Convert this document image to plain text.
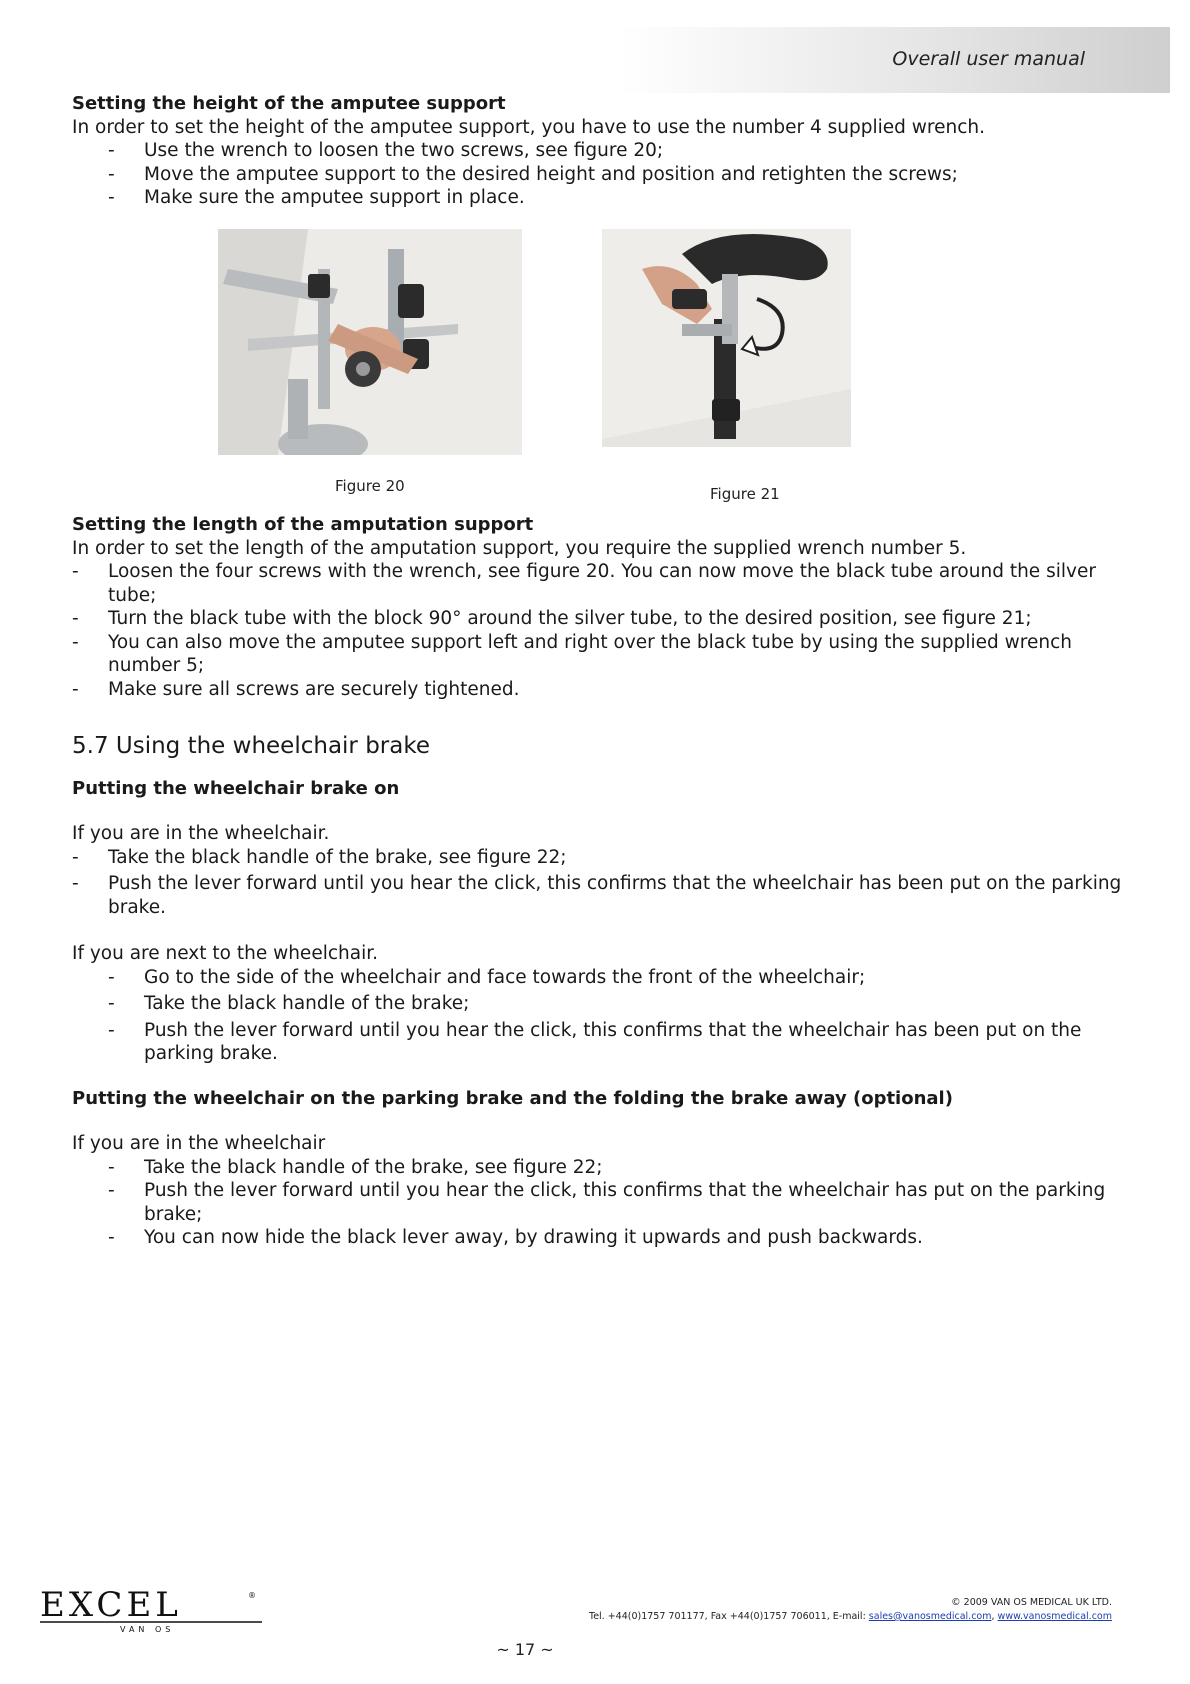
Overall user manual
Setting the height of the amputee support

In order to set the height of the amputee support, you have to use the number 4 supplied wrench.

- Use the wrench to loosen the two screws, see figure 20;
- Move the amputee support to the desired height and position and retighten the screws;
- Make sure the amputee support in place.
Figure 20	Figure 21
Setting the length of the amputation support

In order to set the length of the amputation support, you require the supplied wrench number 5.

- Loosen the four screws with the wrench, see figure 20. You can now move the black tube around the silver tube;
- Turn the black tube with the block 90° around the silver tube, to the desired position, see figure 21;
- You can also move the amputee support left and right over the black tube by using the supplied wrench number 5;
- Make sure all screws are securely tightened.
5.7 Using the wheelchair brake
Putting the wheelchair brake on

If you are in the wheelchair.

- Take the black handle of the brake, see figure 22;
- Push the lever forward until you hear the click, this confirms that the wheelchair has been put on the parking brake.

If you are next to the wheelchair.

- Go to the side of the wheelchair and face towards the front of the wheelchair;
- Take the black handle of the brake;
- Push the lever forward until you hear the click, this confirms that the wheelchair has been put on the parking brake.
Putting the wheelchair on the parking brake and the folding the brake away (optional)

If you are in the wheelchair

- Take the black handle of the brake, see figure 22;
- Push the lever forward until you hear the click, this confirms that the wheelchair has put on the parking brake;
- You can now hide the black lever away, by drawing it upwards and push backwards.
EXCEL	®
VAN OS
© 2009 VAN OS MEDICAL UK LTD.
Tel. +44(0)1757 701177, Fax +44(0)1757 706011, E-mail: sales@vanosmedical.com, www.vanosmedical.com
~ 17 ~
